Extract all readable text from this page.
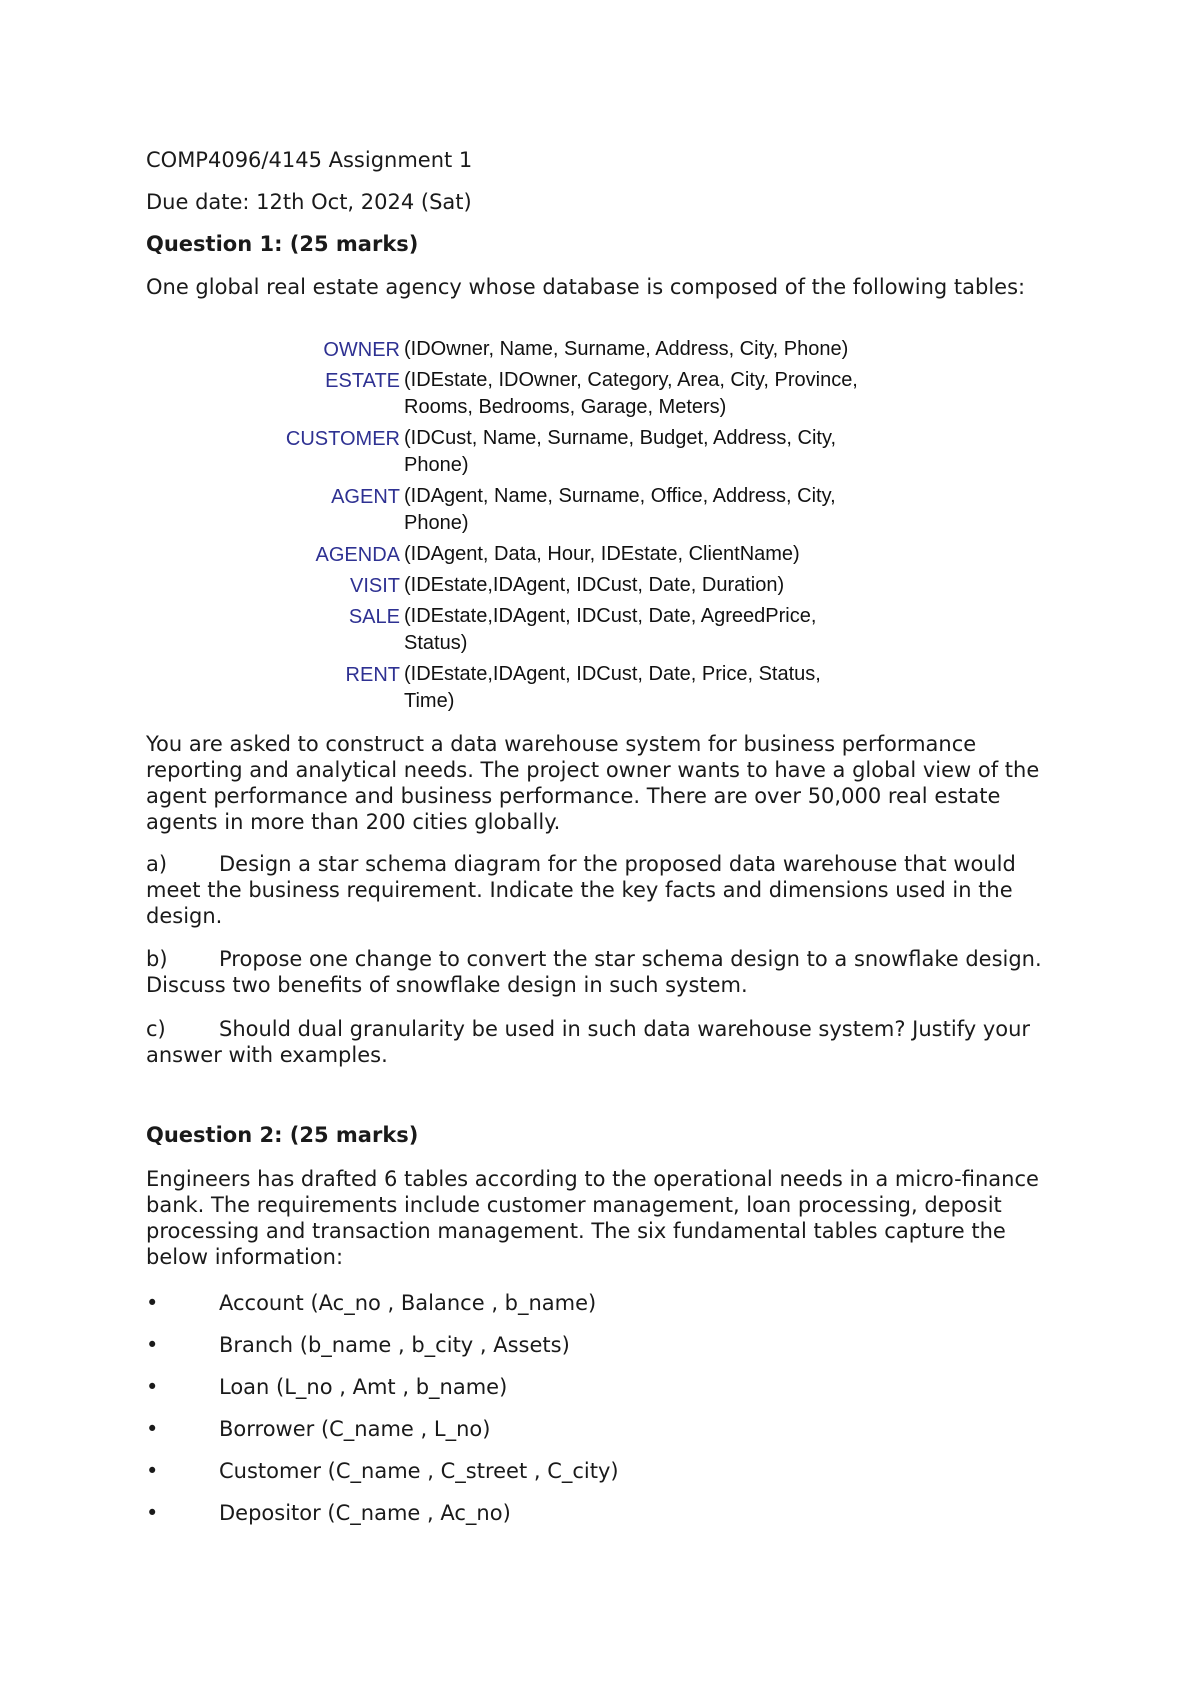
COMP4096/4145 Assignment 1
Due date: 12th Oct, 2024 (Sat)
Question 1: (25 marks)
One global real estate agency whose database is composed of the following tables:
OWNER (IDOwner, Name, Surname, Address, City, Phone)
ESTATE (IDEstate, IDOwner, Category, Area, City, Province,
Rooms, Bedrooms, Garage, Meters)
CUSTOMER (IDCust, Name, Surname, Budget, Address, City,
Phone)
AGENT (IDAgent, Name, Surname, Office, Address, City,
Phone)
AGENDA (IDAgent, Data, Hour, IDEstate, ClientName)
VISIT (IDEstate,IDAgent, IDCust, Date, Duration)
SALE (IDEstate,IDAgent, IDCust, Date, AgreedPrice,
Status)
RENT (IDEstate,IDAgent, IDCust, Date, Price, Status,
Time)
You are asked to construct a data warehouse system for business performance reporting and analytical needs. The project owner wants to have a global view of the agent performance and business performance. There are over 50,000 real estate agents in more than 200 cities globally.
a) Design a star schema diagram for the proposed data warehouse that would meet the business requirement. Indicate the key facts and dimensions used in the design.
b) Propose one change to convert the star schema design to a snowflake design. Discuss two benefits of snowflake design in such system.
c)	Should dual granularity be used in such data warehouse system? Justify your answer with examples.
Question 2: (25 marks)
Engineers has drafted 6 tables according to the operational needs in a micro-finance bank. The requirements include customer management, loan processing, deposit processing and transaction management. The six fundamental tables capture the below information:
•	Account (Ac_no , Balance , b_name)
•	Branch (b_name , b_city , Assets)
•	Loan (L_no , Amt , b_name)
•	Borrower (C_name , L_no)
•	Customer (C_name , C_street , C_city)
•	Depositor (C_name , Ac_no)
